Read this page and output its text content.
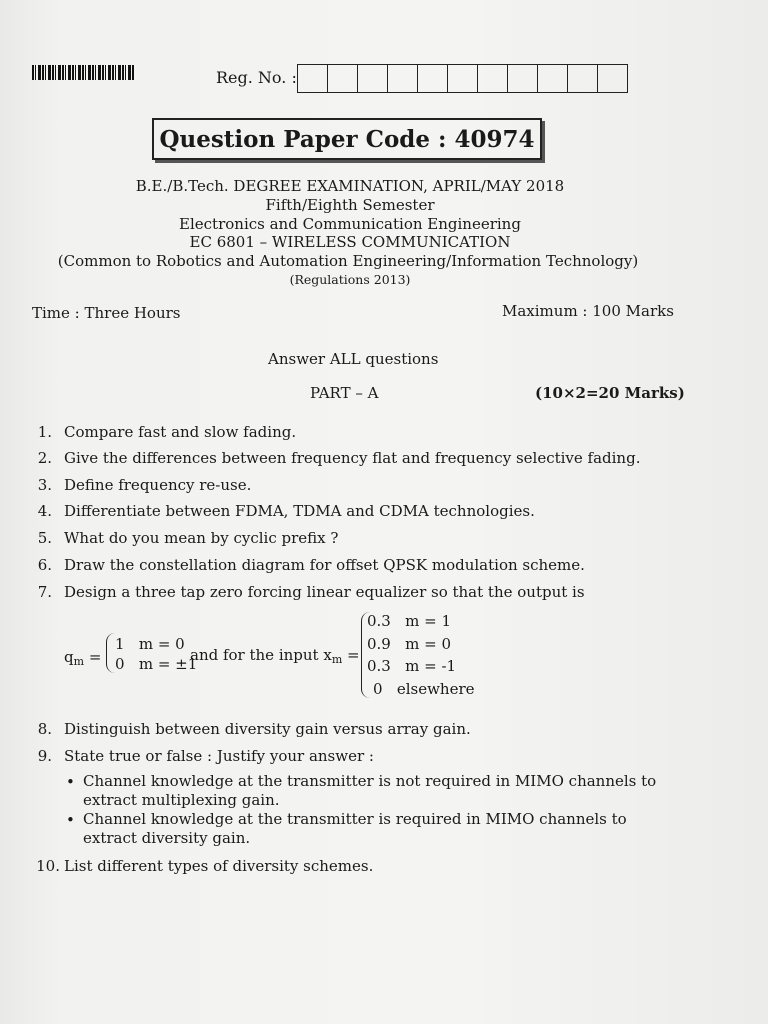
Reg. No. :
Question Paper Code : 40974
B.E./B.Tech. DEGREE EXAMINATION, APRIL/MAY 2018
Fifth/Eighth Semester
Electronics and Communication Engineering
EC 6801 – WIRELESS COMMUNICATION
(Common to Robotics and Automation Engineering/Information Technology)
(Regulations 2013)
Time : Three Hours	Maximum : 100 Marks
Answer ALL questions
PART – A	(10×2=20 Marks)
1. Compare fast and slow fading.
2. Give the differences between frequency flat and frequency selective fading.
3. Define frequency re-use.
4. Differentiate between FDMA, TDMA and CDMA technologies.
5. What do you mean by cyclic prefix ?
6. Draw the constellation diagram for offset QPSK modulation scheme.
7. Design a three tap zero forcing linear equalizer so that the output is
$q_m$ =
1   m = 0
0   m = ±1
and for the input $x_m$ =
0.3   m = 1
0.9   m = 0
0.3   m = -1
0   elsewhere
8. Distinguish between diversity gain versus array gain.
9. State true or false : Justify your answer :
• Channel knowledge at the transmitter is not required in MIMO channels to extract multiplexing gain.
• Channel knowledge at the transmitter is required in MIMO channels to extract diversity gain.
10. List different types of diversity schemes.
